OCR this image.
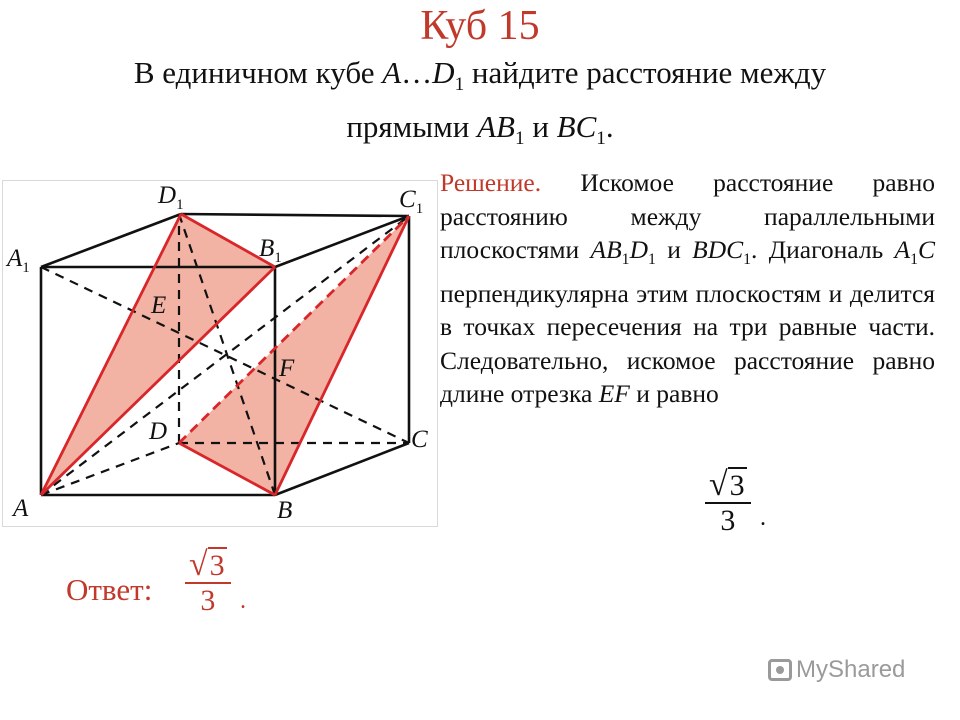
Куб 15
В единичном кубе $A\dots D_1$ найдите расстояние между
прямыми $AB_1$ и $BC_1$.
$A_1$
$D_1$
$B_1$
$C_1$
E
F
D	C
A	B
Решение. Искомое расстояние равно расстоянию между параллельными плоскостями $AB_1D_1$ и $BDC_1$. Диагональ $A_1C$ перпендикулярна этим плоскостям и делится в точках пересечения на три равные части. Следовательно, искомое расстояние равно длине отрезка EF и равно
$\frac{√3}{3}$ .
Ответ: $\frac{√3}{3}$ .
MyShared
